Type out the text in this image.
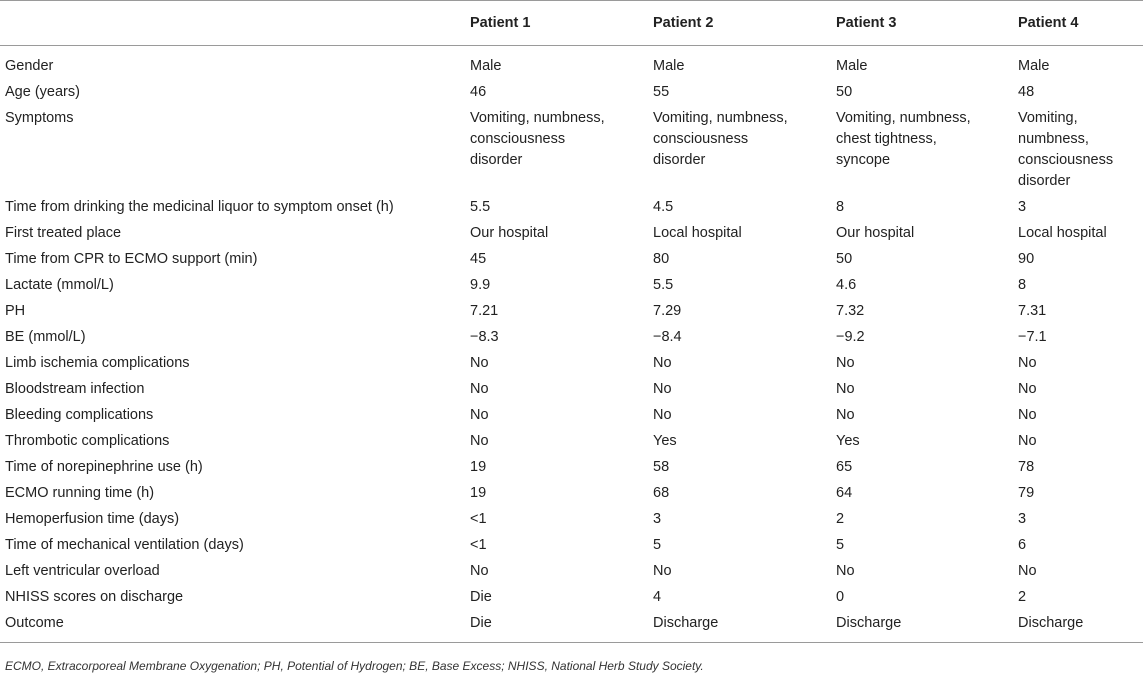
	Patient 1	Patient 2	Patient 3	Patient 4
Gender	Male	Male	Male	Male
Age (years)	46	55	50	48
Symptoms	Vomiting, numbness, consciousness disorder	Vomiting, numbness, consciousness disorder	Vomiting, numbness, chest tightness, syncope	Vomiting, numbness, consciousness disorder

Time from drinking the medicinal liquor to symptom onset (h)	5.5	4.5	8	3
First treated place	Our hospital	Local hospital	Our hospital	Local hospital
Time from CPR to ECMO support (min)	45	80	50	90
Lactate (mmol/L)	9.9	5.5	4.6	8
PH	7.21	7.29	7.32	7.31
BE (mmol/L)	−8.3	−8.4	−9.2	−7.1
Limb ischemia complications	No	No	No	No
Bloodstream infection	No	No	No	No
Bleeding complications	No	No	No	No
Thrombotic complications	No	Yes	Yes	No
Time of norepinephrine use (h)	19	58	65	78
ECMO running time (h)	19	68	64	79
Hemoperfusion time (days)	<1	3	2	3
Time of mechanical ventilation (days)	<1	5	5	6
Left ventricular overload	No	No	No	No
NHISS scores on discharge	Die	4	0	2
Outcome	Die	Discharge	Discharge	Discharge
ECMO, Extracorporeal Membrane Oxygenation; PH, Potential of Hydrogen; BE, Base Excess; NHISS, National Herb Study Society.
